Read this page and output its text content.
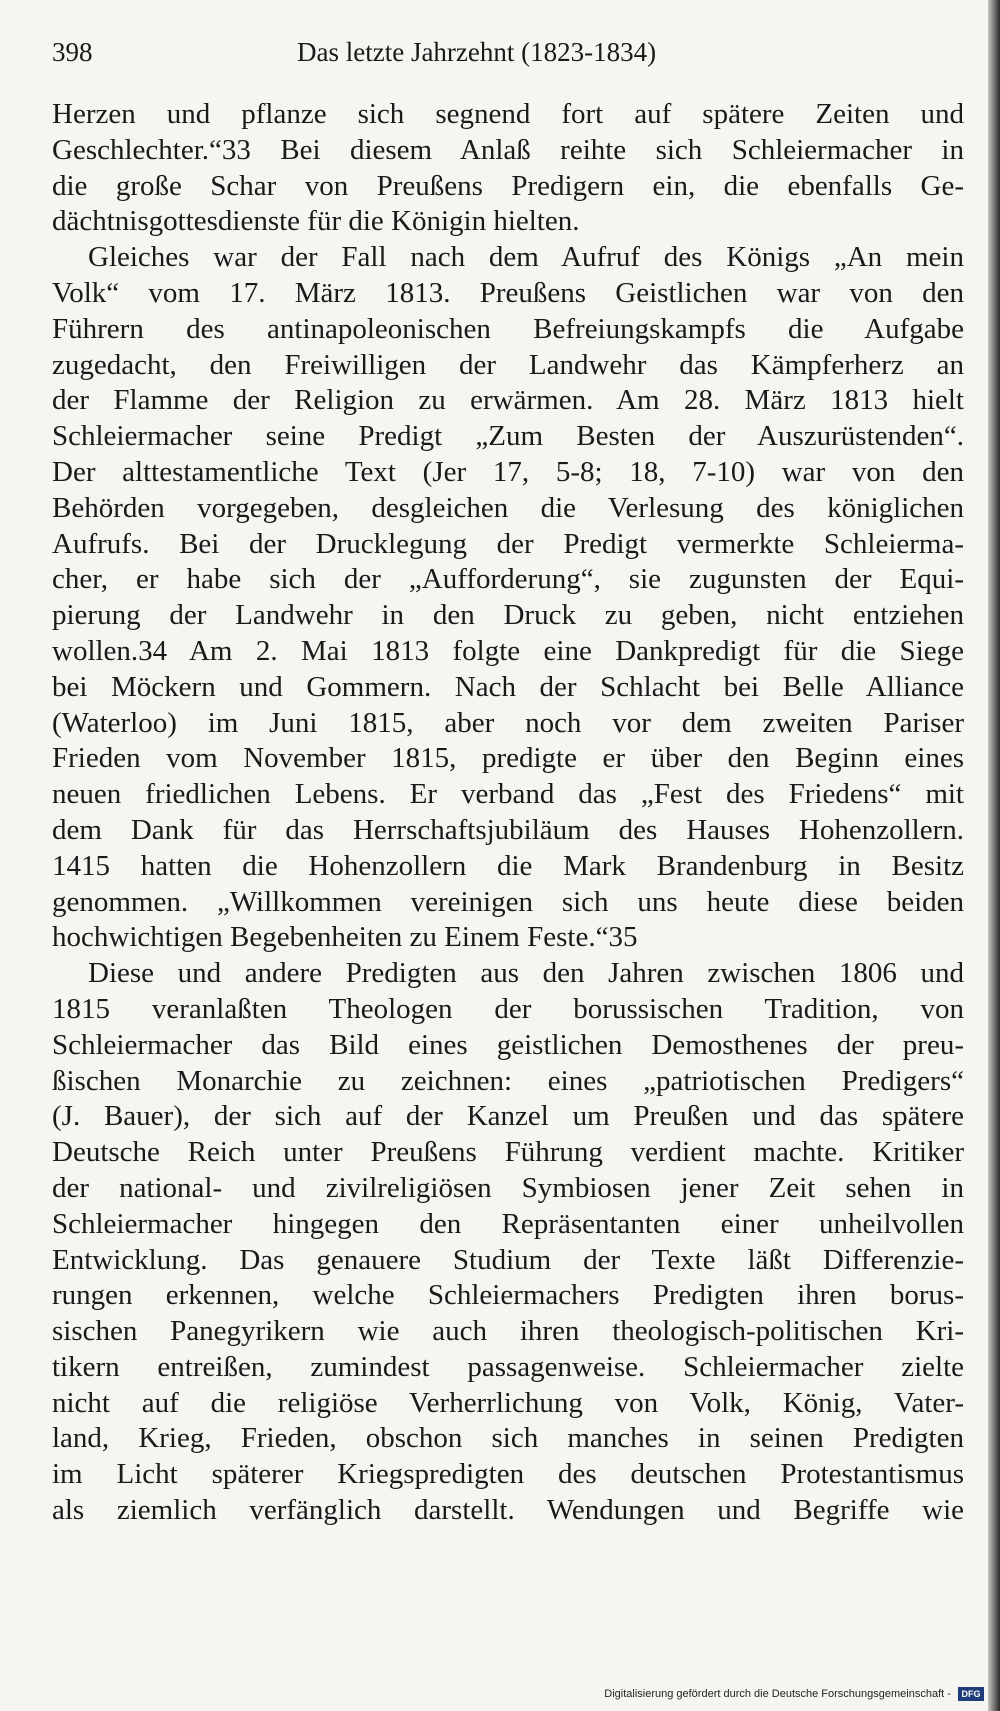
398	Das letzte Jahrzehnt (1823-1834)
Herzen und pflanze sich segnend fort auf spätere Zeiten und
Geschlechter.“33 Bei diesem Anlaß reihte sich Schleiermacher in
die große Schar von Preußens Predigern ein, die ebenfalls Ge-
dächtnisgottesdienste für die Königin hielten.
Gleiches war der Fall nach dem Aufruf des Königs „An mein
Volk“ vom 17. März 1813. Preußens Geistlichen war von den
Führern des antinapoleonischen Befreiungskampfs die Aufgabe
zugedacht, den Freiwilligen der Landwehr das Kämpferherz an
der Flamme der Religion zu erwärmen. Am 28. März 1813 hielt
Schleiermacher seine Predigt „Zum Besten der Auszurüstenden“.
Der alttestamentliche Text (Jer 17, 5-8; 18, 7-10) war von den
Behörden vorgegeben, desgleichen die Verlesung des königlichen
Aufrufs. Bei der Drucklegung der Predigt vermerkte Schleierma-
cher, er habe sich der „Aufforderung“, sie zugunsten der Equi-
pierung der Landwehr in den Druck zu geben, nicht entziehen
wollen.34 Am 2. Mai 1813 folgte eine Dankpredigt für die Siege
bei Möckern und Gommern. Nach der Schlacht bei Belle Alliance
(Waterloo) im Juni 1815, aber noch vor dem zweiten Pariser
Frieden vom November 1815, predigte er über den Beginn eines
neuen friedlichen Lebens. Er verband das „Fest des Friedens“ mit
dem Dank für das Herrschaftsjubiläum des Hauses Hohenzollern.
1415 hatten die Hohenzollern die Mark Brandenburg in Besitz
genommen. „Willkommen vereinigen sich uns heute diese beiden
hochwichtigen Begebenheiten zu Einem Feste.“35
Diese und andere Predigten aus den Jahren zwischen 1806 und
1815 veranlaßten Theologen der borussischen Tradition, von
Schleiermacher das Bild eines geistlichen Demosthenes der preu-
ßischen Monarchie zu zeichnen: eines „patriotischen Predigers“
(J. Bauer), der sich auf der Kanzel um Preußen und das spätere
Deutsche Reich unter Preußens Führung verdient machte. Kritiker
der national- und zivilreligiösen Symbiosen jener Zeit sehen in
Schleiermacher hingegen den Repräsentanten einer unheilvollen
Entwicklung. Das genauere Studium der Texte läßt Differenzie-
rungen erkennen, welche Schleiermachers Predigten ihren borus-
sischen Panegyrikern wie auch ihren theologisch-politischen Kri-
tikern entreißen, zumindest passagenweise. Schleiermacher zielte
nicht auf die religiöse Verherrlichung von Volk, König, Vater-
land, Krieg, Frieden, obschon sich manches in seinen Predigten
im Licht späterer Kriegspredigten des deutschen Protestantismus
als ziemlich verfänglich darstellt. Wendungen und Begriffe wie
Digitalisierung gefördert durch die Deutsche Forschungsgemeinschaft - DFG
